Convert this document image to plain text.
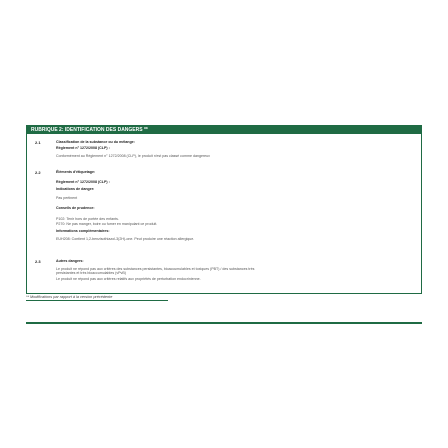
RUBRIQUE 2: IDENTIFICATION DES DANGERS **
2.1	Classification de la substance ou du mélange:
Règlement n° 1272/2008 (CLP) :
Conformément au Règlement n° 1272/2008 (CLP), le produit n'est pas classé comme dangereux
2.2	Éléments d'étiquetage:
Règlement n° 1272/2008 (CLP) :
Indications de danger:
Pas pertinent
Conseils de prudence:
P102: Tenir hors de portée des enfants.
P270: Ne pas manger, boire ou fumer en manipulant ce produit.
Informations complémentaires:
EUH208: Contient 1,2-benzisothiazol-3(2H)-one. Peut produire une réaction allergique.
2.3	Autres dangers:
Le produit ne répond pas aux critères des substances persistantes, bioaccumulables et toxiques (PBT) / des substances très
persistantes et très bioaccumulables (vPvB)
Le produit ne répond pas aux critères relatifs aux propriétés de perturbation endocrinienne.
** Modifications par rapport à la version précédente
